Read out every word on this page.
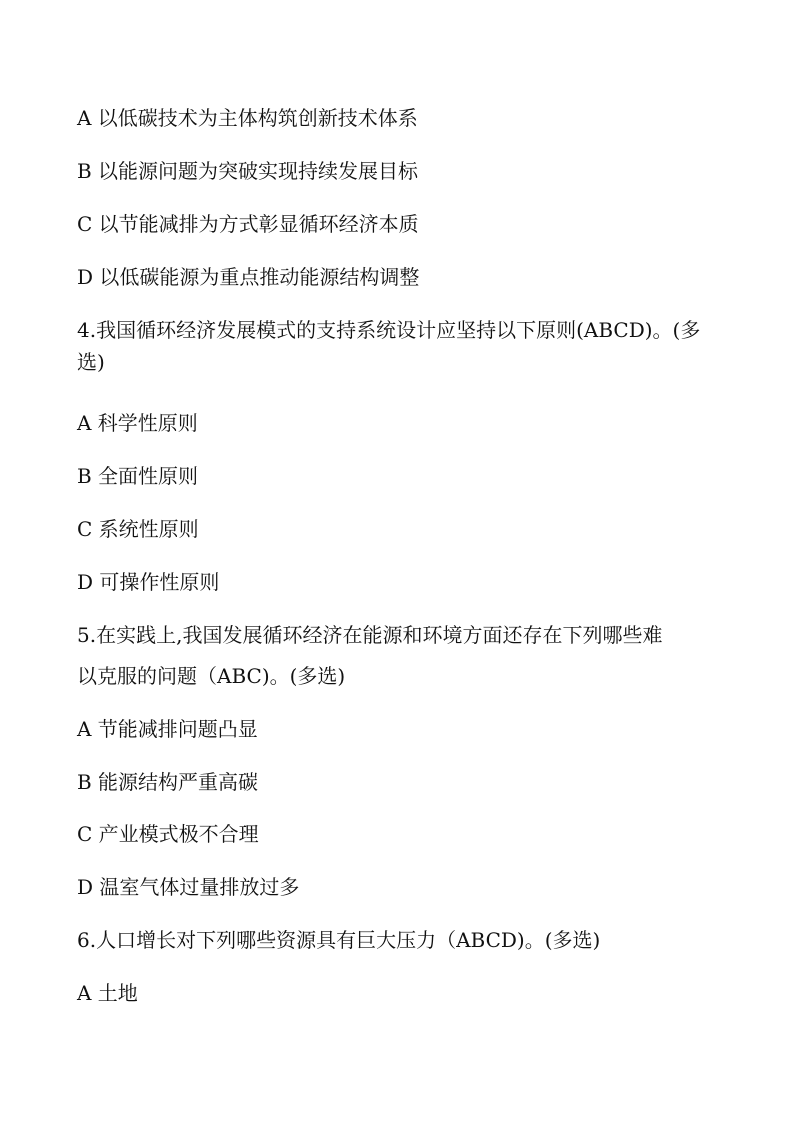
A 以低碳技术为主体构筑创新技术体系
B 以能源问题为突破实现持续发展目标
C 以节能减排为方式彰显循环经济本质
D 以低碳能源为重点推动能源结构调整
4.我国循环经济发展模式的支持系统设计应坚持以下原则(ABCD)。(多
选)
A 科学性原则
B 全面性原则
C 系统性原则
D 可操作性原则
5.在实践上,我国发展循环经济在能源和环境方面还存在下列哪些难
以克服的问题（ABC)。(多选)
A 节能减排问题凸显
B 能源结构严重高碳
C 产业模式极不合理
D 温室气体过量排放过多
6.人口增长对下列哪些资源具有巨大压力（ABCD)。(多选)
A 土地
